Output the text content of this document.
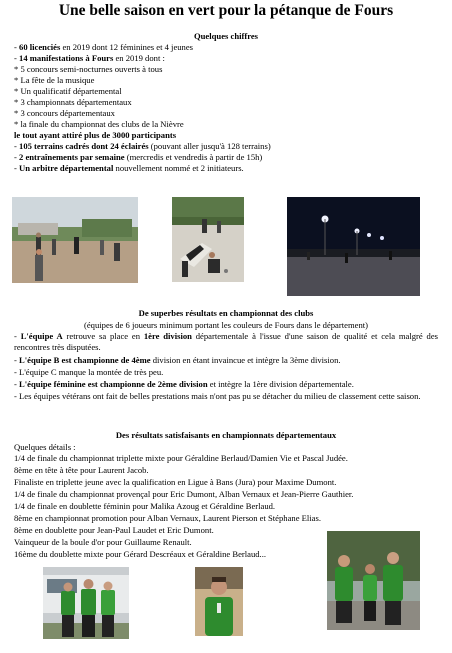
Une belle saison en vert pour la pétanque de Fours
Quelques chiffres
- 60 licenciés en 2019 dont 12 féminines et 4 jeunes
- 14 manifestations à Fours en 2019 dont :
* 5 concours semi-nocturnes ouverts à tous
* La fête de la musique
* Un qualificatif départemental
* 3 championnats départementaux
* 3 concours départementaux
* la finale du championnat des clubs de la Nièvre
le tout ayant attiré plus de 3000 participants
- 105 terrains cadrés dont 24 éclairés (pouvant aller jusqu'à 128 terrains)
- 2 entraînements par semaine (mercredis et vendredis à partir de 15h)
- Un arbitre départemental nouvellement nommé et 2 initiateurs.
De superbes résultats en championnat des clubs
(équipes de 6 joueurs minimum portant les couleurs de Fours dans le département)
- L'équipe A retrouve sa place en 1ère division départementale à l'issue d'une saison de qualité et cela malgré des rencontres très disputées.
- L'équipe B est championne de 4ème division en étant invaincue et intègre la 3ème division.
- L'équipe C manque la montée de très peu.
- L'équipe féminine est championne de 2ème division et intègre la 1ère division départementale.
- Les équipes vétérans ont fait de belles prestations mais n'ont pas pu se détacher du milieu de classement cette saison.
Des résultats satisfaisants en championnats départementaux
Quelques détails :
1/4 de finale du championnat triplette mixte pour Géraldine Berlaud/Damien Vie et Pascal Judée.
8ème en tête à tête pour Laurent Jacob.
Finaliste en triplette jeune avec la qualification en Ligue à Bans (Jura) pour Maxime Dumont.
1/4 de finale du championnat provençal pour Eric Dumont, Alban Vernaux et Jean-Pierre Gauthier.
1/4 de finale en doublette féminin pour Malika Azoug et Géraldine Berlaud.
8ème en championnat promotion pour Alban Vernaux, Laurent Pierson et Stéphane Elias.
8ème en doublette pour Jean-Paul Laudet et Eric Dumont.
Vainqueur de la boule d'or pour Guillaume Renault.
16ème du doublette mixte pour Gérard Descréaux et Géraldine Berlaud...
